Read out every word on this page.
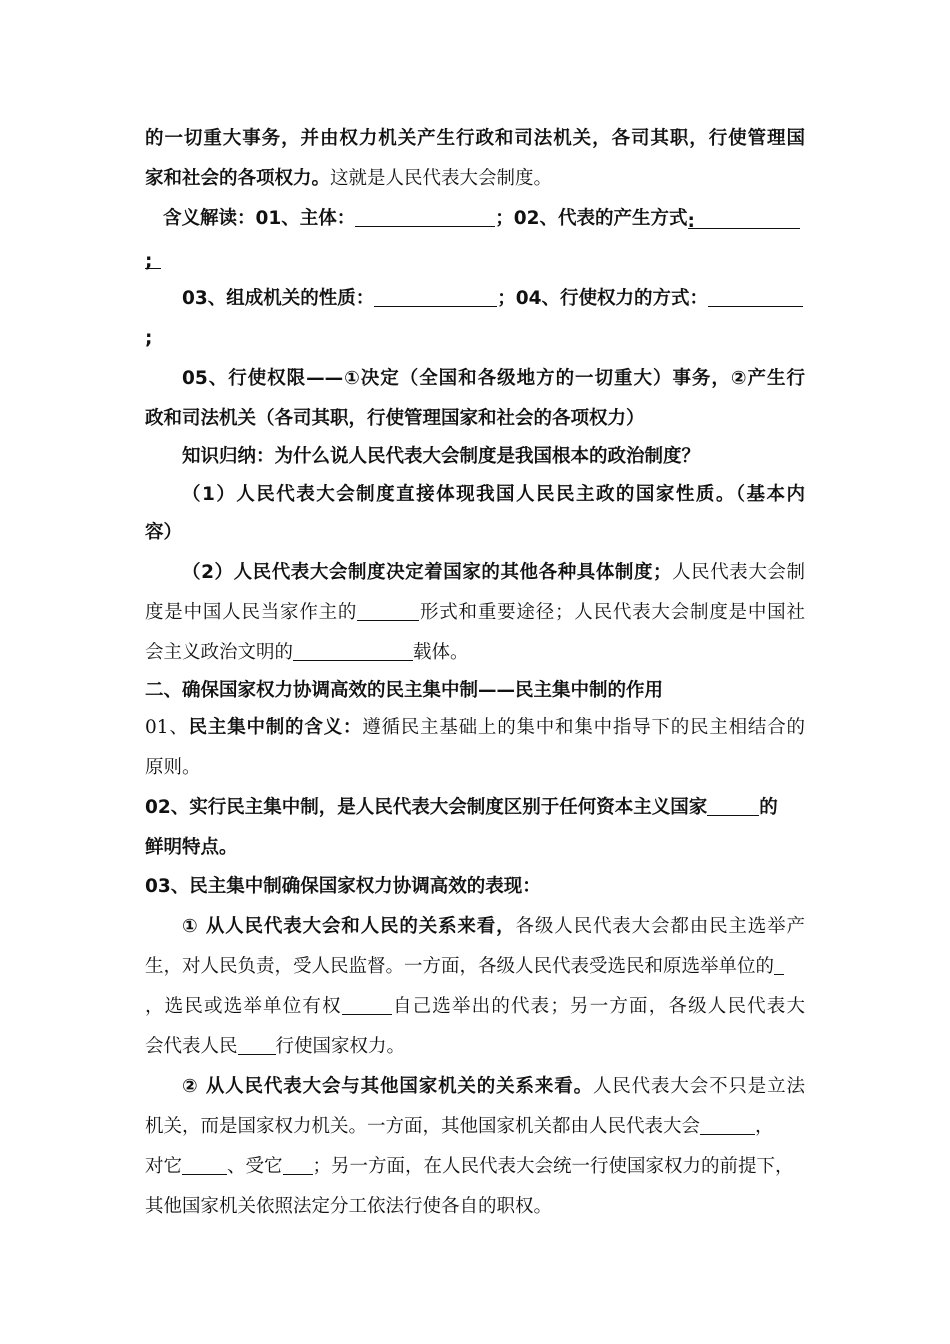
的一切重大事务，并由权力机关产生行政和司法机关，各司其职，行使管理国
家和社会的各项权力。这就是人民代表大会制度。
含义解读：01、主体：	；02、代表的产生方式:
;
03、组成机关的性质：	；04、行使权力的方式：
;
05、行使权限——①决定（全国和各级地方的一切重大）事务，②产生行
政和司法机关（各司其职，行使管理国家和社会的各项权力）
知识归纳：为什么说人民代表大会制度是我国根本的政治制度？
（1）人民代表大会制度直接体现我国人民民主政的国家性质。（基本内
容）
（2）人民代表大会制度决定着国家的其他各种具体制度；人民代表大会制
度是中国人民当家作主的	形式和重要途径；人民代表大会制度是中国社
会主义政治文明的	载体。
二、确保国家权力协调高效的民主集中制——民主集中制的作用
01、民主集中制的含义：遵循民主基础上的集中和集中指导下的民主相结合的
原则。
02、实行民主集中制，是人民代表大会制度区别于任何资本主义国家	的
鲜明特点。
03、民主集中制确保国家权力协调高效的表现：
① 从人民代表大会和人民的关系来看，各级人民代表大会都由民主选举产
生，对人民负责，受人民监督。一方面，各级人民代表受选民和原选举单位的
，选民或选举单位有权	自己选举出的代表；另一方面，各级人民代表大
会代表人民 行使国家权力。
② 从人民代表大会与其他国家机关的关系来看。人民代表大会不只是立法
机关，而是国家权力机关。一方面，其他国家机关都由人民代表大会	，
对它 、受它 ；另一方面，在人民代表大会统一行使国家权力的前提下，
其他国家机关依照法定分工依法行使各自的职权。
